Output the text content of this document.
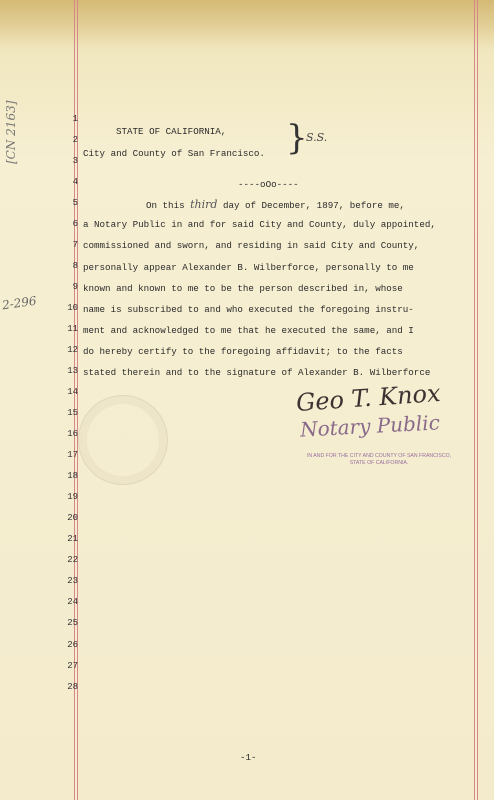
[CN 2163]
2-296
1
2
3
4
5
6
7
8
9
10
11
12
13
14
15
16
17
18
19
20
21
22
23
24
25
26
27
28
STATE OF CALIFORNIA,
City and County of San Francisco. }
S.S.
----oOo----
On this third day of December, 1897, before me,
a Notary Public in and for said City and County, duly appointed,
commissioned and sworn, and residing in said City and County,
personally appear Alexander B. Wilberforce, personally to me
known and known to me to be the person described in, whose
name is subscribed to and who executed the foregoing instru-
ment and acknowledged to me that he executed the same, and I
do hereby certify to the foregoing affidavit; to the facts
stated therein and to the signature of Alexander B. Wilberforce
Geo T. Knox
Notary Public
IN AND FOR THE CITY AND COUNTY OF SAN FRANCISCO,
STATE OF CALIFORNIA.
-1-
